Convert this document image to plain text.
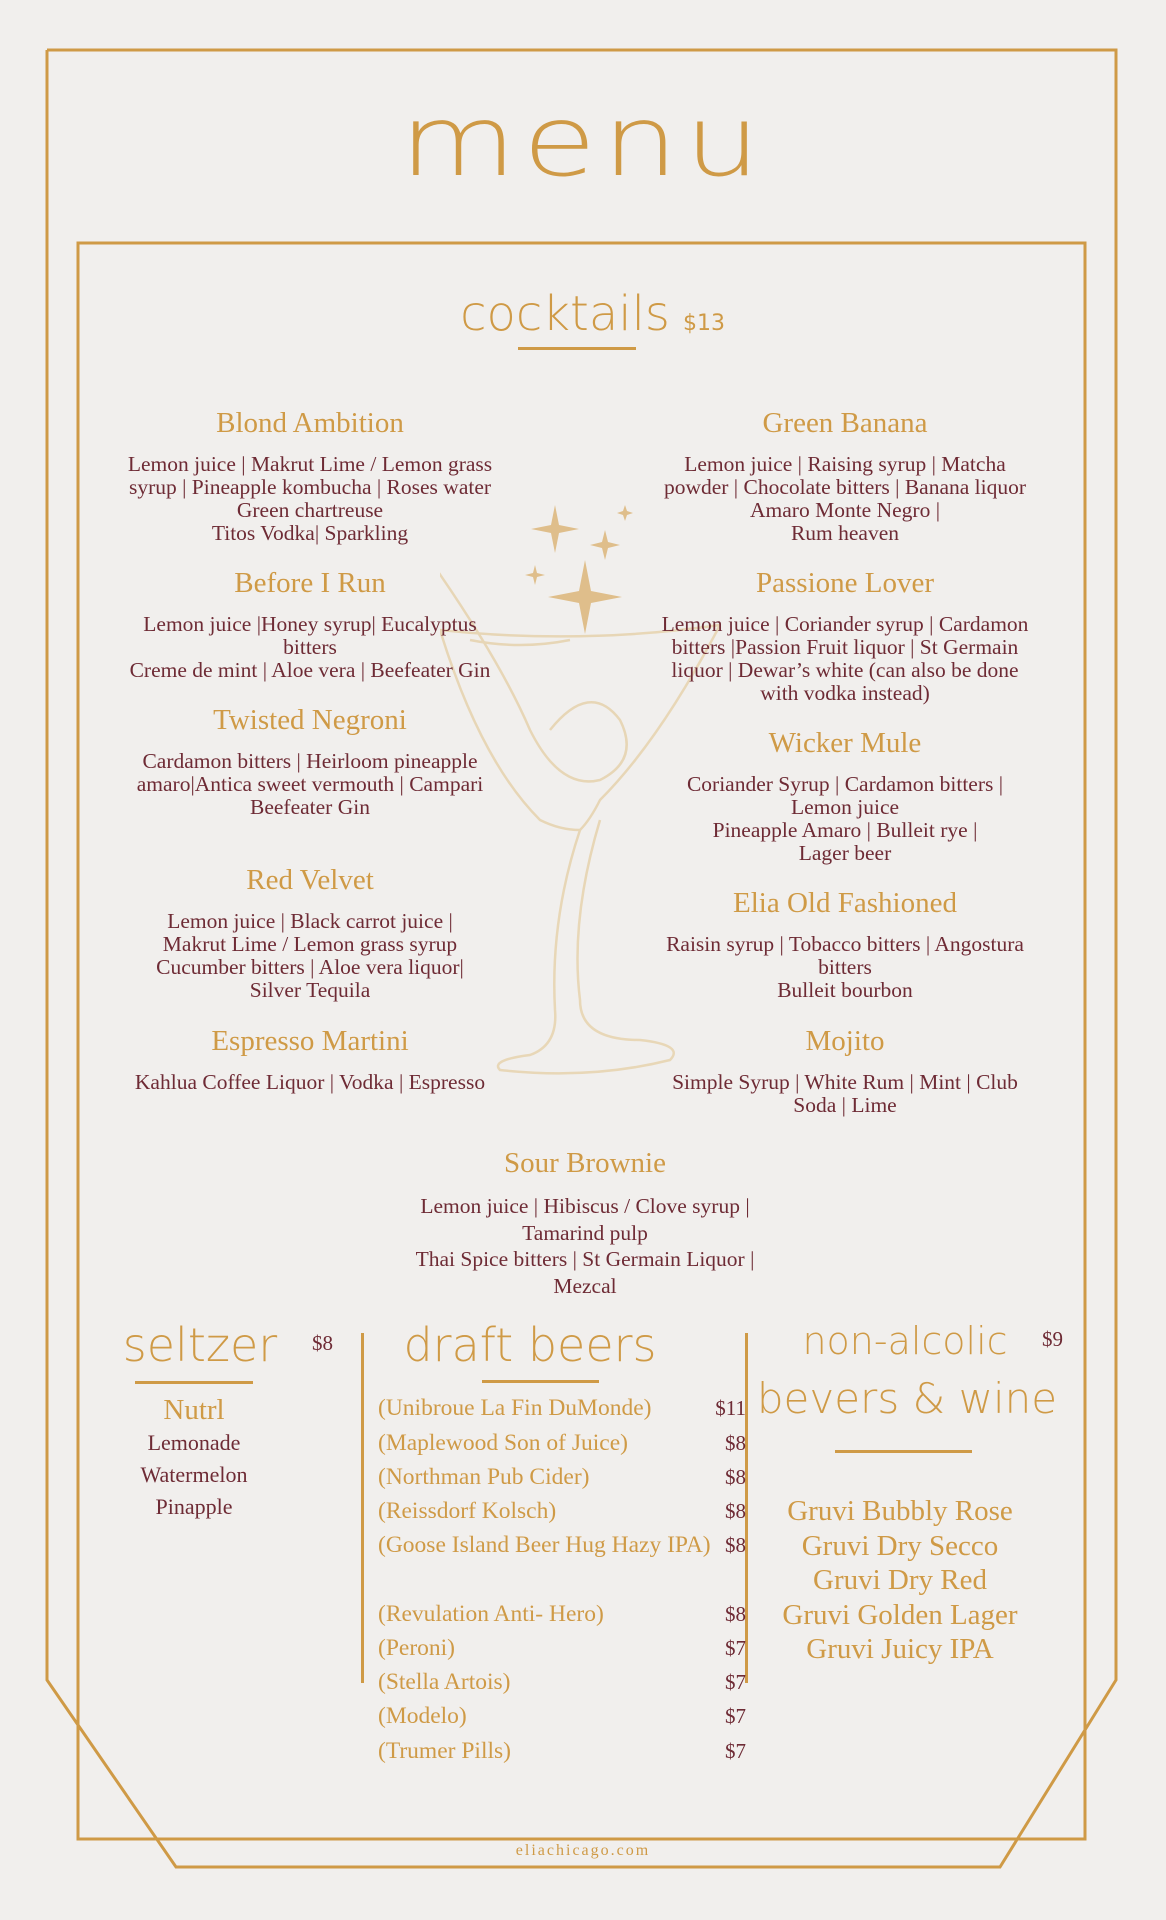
menu
cocktails $13
Blond Ambition
Lemon juice | Makrut Lime / Lemon grass
syrup | Pineapple kombucha | Roses water
Green chartreuse
Titos Vodka| Sparkling
Before I Run
Lemon juice |Honey syrup| Eucalyptus
bitters
Creme de mint | Aloe vera | Beefeater Gin
Twisted Negroni
Cardamon bitters | Heirloom pineapple
amaro|Antica sweet vermouth | Campari
Beefeater Gin
Red Velvet
Lemon juice | Black carrot juice |
Makrut Lime / Lemon grass syrup
Cucumber bitters | Aloe vera liquor|
Silver Tequila
Espresso Martini
Kahlua Coffee Liquor | Vodka | Espresso
Green Banana
Lemon juice | Raising syrup | Matcha
powder | Chocolate bitters | Banana liquor
Amaro Monte Negro |
Rum heaven
Passione Lover
Lemon juice | Coriander syrup | Cardamon
bitters |Passion Fruit liquor | St Germain
liquor | Dewar’s white (can also be done
with vodka instead)
Wicker Mule
Coriander Syrup | Cardamon bitters |
Lemon juice
Pineapple Amaro | Bulleit rye |
Lager beer
Elia Old Fashioned
Raisin syrup | Tobacco bitters | Angostura
bitters
Bulleit bourbon
Mojito
Simple Syrup | White Rum | Mint | Club
Soda | Lime
Sour Brownie
Lemon juice | Hibiscus / Clove syrup |
Tamarind pulp
Thai Spice bitters | St Germain Liquor |
Mezcal
seltzer	$8
Nutrl
Lemonade
Watermelon
Pinapple
draft beers
(Unibroue La Fin DuMonde)	$11
(Maplewood Son of Juice)	$8
(Northman Pub Cider)	$8
(Reissdorf Kolsch)	$8
(Goose Island Beer Hug Hazy IPA) $8
(Revulation Anti- Hero)	$8
(Peroni)	$7
(Stella Artois)	$7
(Modelo)	$7
(Trumer Pills)	$7
non-alcolic	$9
bevers & wine
Gruvi Bubbly Rose
Gruvi Dry Secco
Gruvi Dry Red
Gruvi Golden Lager
Gruvi Juicy IPA
eliachicago.com
